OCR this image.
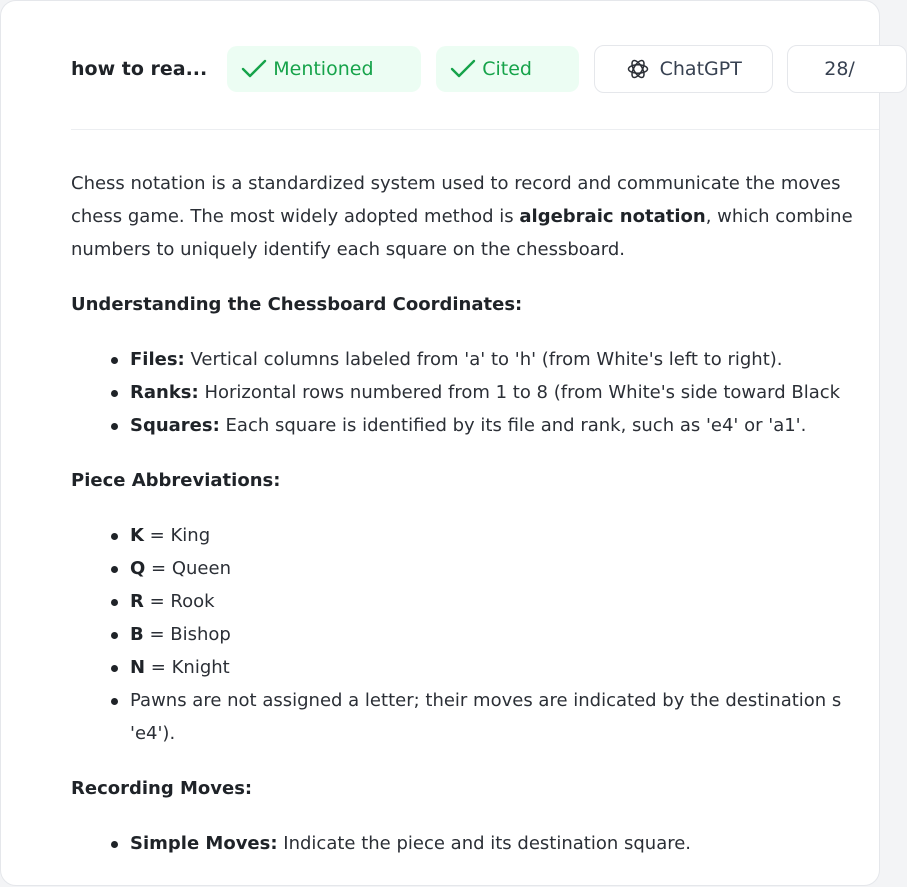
how to rea...	Mentioned	Cited	ChatGPT	28/

Chess notation is a standardized system used to record and communicate the moves

chess game. The most widely adopted method is algebraic notation, which combine

numbers to uniquely identify each square on the chessboard.

Understanding the Chessboard Coordinates:
Files: Vertical columns labeled from 'a' to 'h' (from White's left to right).
Ranks: Horizontal rows numbered from 1 to 8 (from White's side toward Black
Squares: Each square is identified by its file and rank, such as 'e4' or 'a1'.
Piece Abbreviations:
K = King
Q = Queen
R = Rook
B = Bishop
N = Knight
Pawns are not assigned a letter; their moves are indicated by the destination s
'e4').
Recording Moves:
Simple Moves: Indicate the piece and its destination square.
